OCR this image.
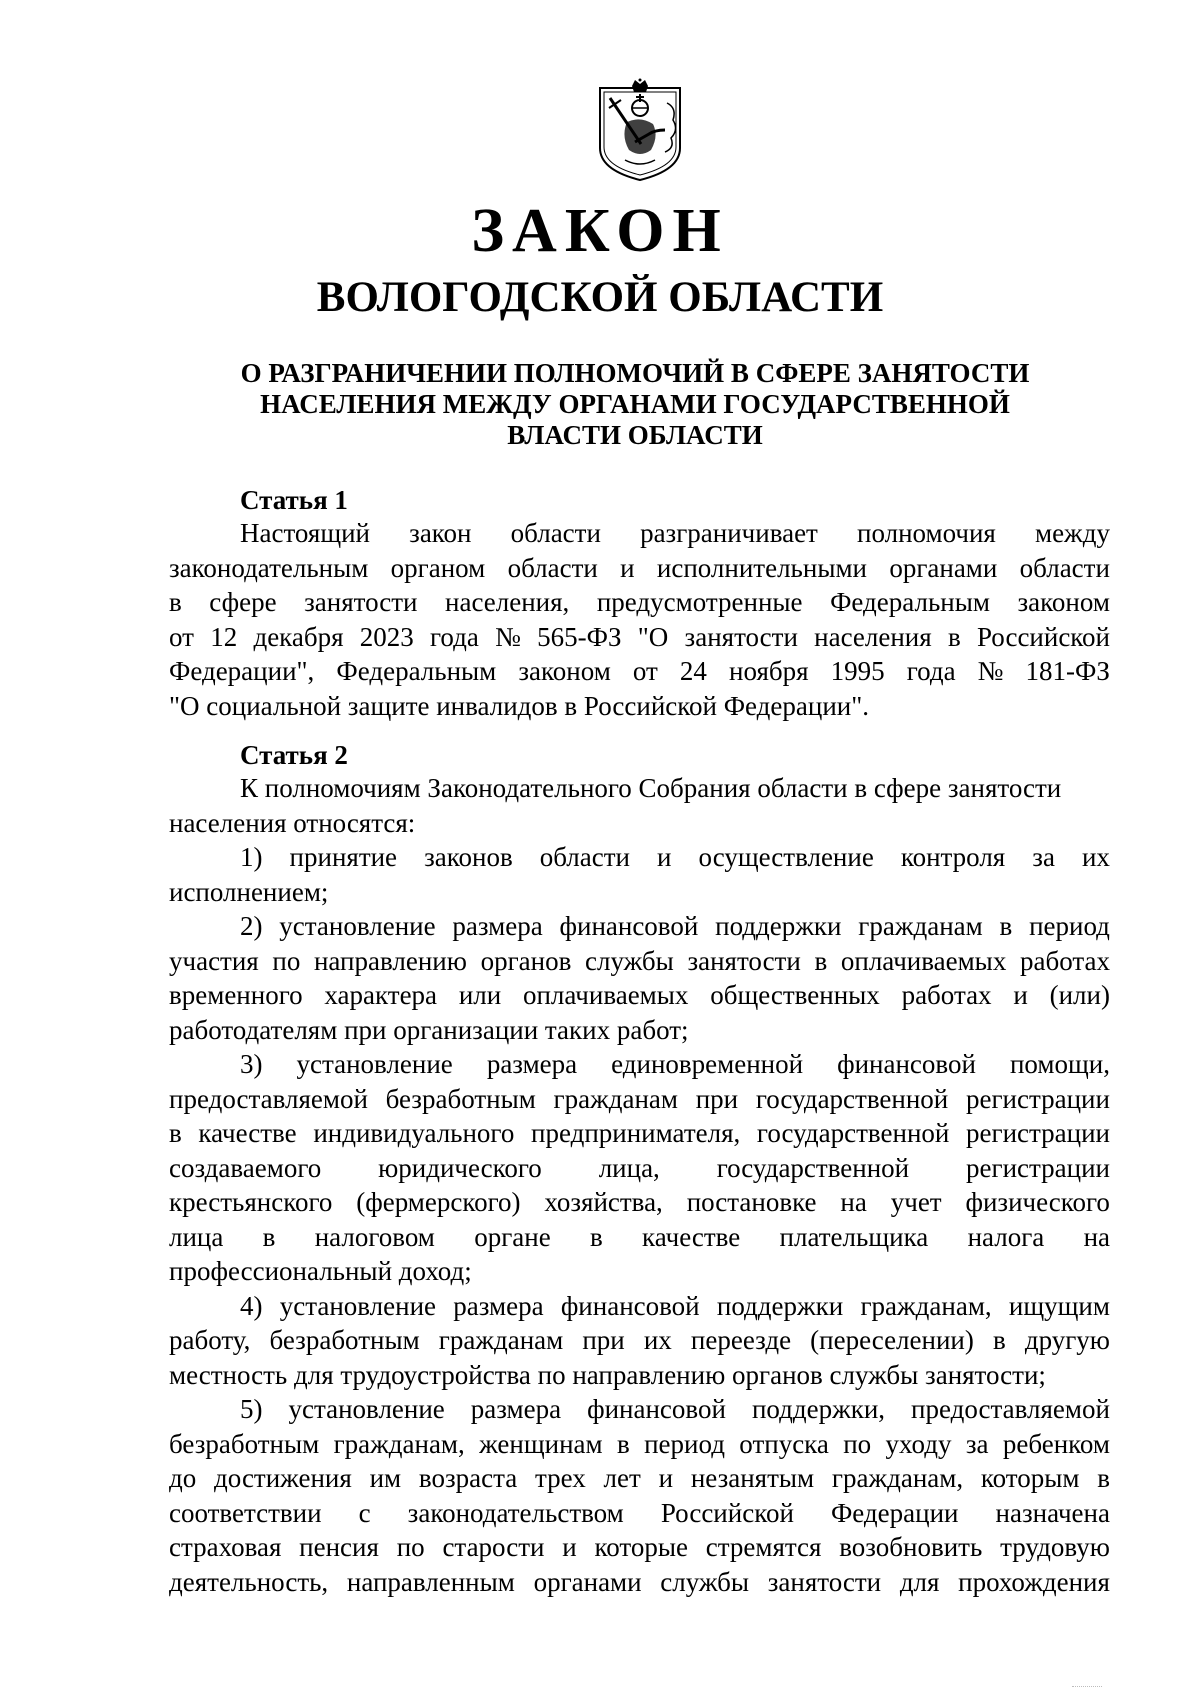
ЗАКОН
ВОЛОГОДСКОЙ ОБЛАСТИ
О РАЗГРАНИЧЕНИИ ПОЛНОМОЧИЙ В СФЕРЕ ЗАНЯТОСТИ
НАСЕЛЕНИЯ МЕЖДУ ОРГАНАМИ ГОСУДАРСТВЕННОЙ
ВЛАСТИ ОБЛАСТИ
Статья 1
Настоящий закон области разграничивает полномочия между
законодательным органом области и исполнительными органами области
в сфере занятости населения, предусмотренные Федеральным законом
от 12 декабря 2023 года № 565-ФЗ "О занятости населения в Российской
Федерации", Федеральным законом от 24 ноября 1995 года № 181-ФЗ
"О социальной защите инвалидов в Российской Федерации".
Статья 2
К полномочиям Законодательного Собрания области в сфере занятости
населения относятся:
1) принятие законов области и осуществление контроля за их
исполнением;
2) установление размера финансовой поддержки гражданам в период
участия по направлению органов службы занятости в оплачиваемых работах
временного характера или оплачиваемых общественных работах и (или)
работодателям при организации таких работ;
3) установление размера единовременной финансовой помощи,
предоставляемой безработным гражданам при государственной регистрации
в качестве индивидуального предпринимателя, государственной регистрации
создаваемого юридического лица, государственной регистрации
крестьянского (фермерского) хозяйства, постановке на учет физического
лица в налоговом органе в качестве плательщика налога на
профессиональный доход;
4) установление размера финансовой поддержки гражданам, ищущим
работу, безработным гражданам при их переезде (переселении) в другую
местность для трудоустройства по направлению органов службы занятости;
5) установление размера финансовой поддержки, предоставляемой
безработным гражданам, женщинам в период отпуска по уходу за ребенком
до достижения им возраста трех лет и незанятым гражданам, которым в
соответствии с законодательством Российской Федерации назначена
страховая пенсия по старости и которые стремятся возобновить трудовую
деятельность, направленным органами службы занятости для прохождения
